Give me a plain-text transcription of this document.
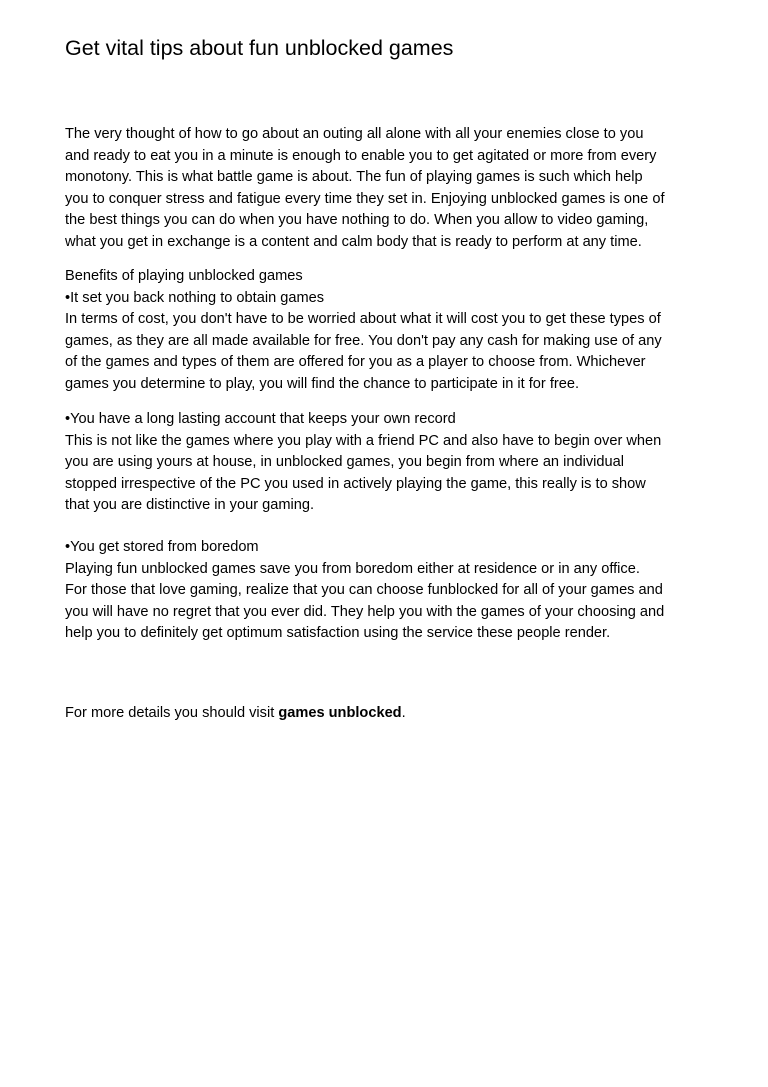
Get vital tips about fun unblocked games
The very thought of how to go about an outing all alone with all your enemies close to you
and ready to eat you in a minute is enough to enable you to get agitated or more from every
monotony. This is what battle game is about. The fun of playing games is such which help
you to conquer stress and fatigue every time they set in. Enjoying unblocked games is one of
the best things you can do when you have nothing to do. When you allow to video gaming,
what you get in exchange is a content and calm body that is ready to perform at any time.
Benefits of playing unblocked games
•It set you back nothing to obtain games
In terms of cost, you don't have to be worried about what it will cost you to get these types of
games, as they are all made available for free. You don't pay any cash for making use of any
of the games and types of them are offered for you as a player to choose from. Whichever
games you determine to play, you will find the chance to participate in it for free.
•You have a long lasting account that keeps your own record
This is not like the games where you play with a friend PC and also have to begin over when
you are using yours at house, in unblocked games, you begin from where an individual
stopped irrespective of the PC you used in actively playing the game, this really is to show
that you are distinctive in your gaming.
•You get stored from boredom
Playing fun unblocked games save you from boredom either at residence or in any office.
For those that love gaming, realize that you can choose funblocked for all of your games and
you will have no regret that you ever did. They help you with the games of your choosing and
help you to definitely get optimum satisfaction using the service these people render.
For more details you should visit games unblocked.
